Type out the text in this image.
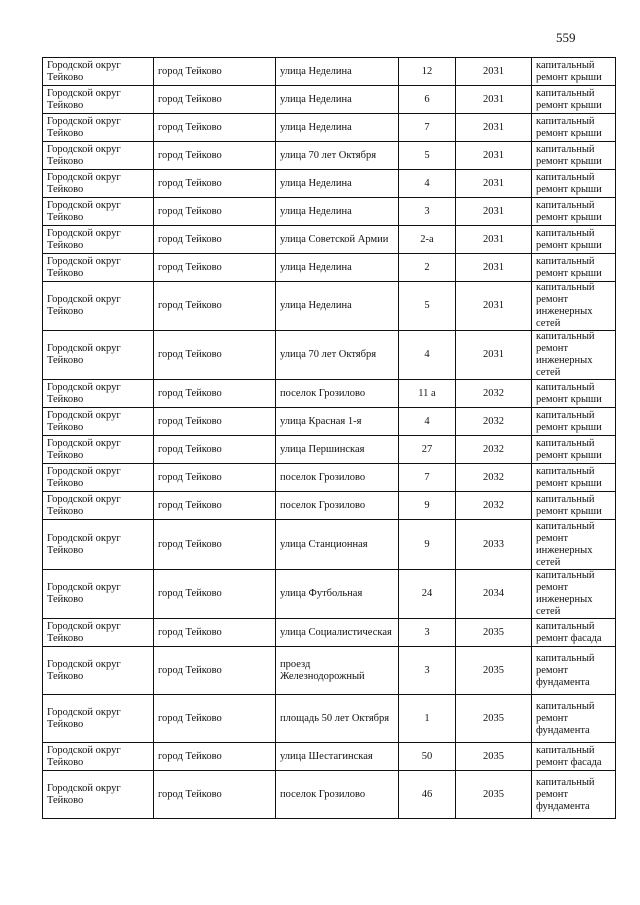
559
Городской округ Тейково	город Тейково	улица Неделина	12	2031	капитальный ремонт крыши
Городской округ Тейково	город Тейково	улица Неделина	6	2031	капитальный ремонт крыши
Городской округ Тейково	город Тейково	улица Неделина	7	2031	капитальный ремонт крыши
Городской округ Тейково	город Тейково	улица 70 лет Октября	5	2031	капитальный ремонт крыши
Городской округ Тейково	город Тейково	улица Неделина	4	2031	капитальный ремонт крыши
Городской округ Тейково	город Тейково	улица Неделина	3	2031	капитальный ремонт крыши
Городской округ Тейково	город Тейково	улица Советской Армии	2-а	2031	капитальный ремонт крыши
Городской округ Тейково	город Тейково	улица Неделина	2	2031	капитальный ремонт крыши
Городской округ Тейково	город Тейково	улица Неделина	5	2031	капитальный ремонт инженерных сетей
Городской округ Тейково	город Тейково	улица 70 лет Октября	4	2031	капитальный ремонт инженерных сетей
Городской округ Тейково	город Тейково	поселок Грозилово	11 а	2032	капитальный ремонт крыши
Городской округ Тейково	город Тейково	улица Красная 1-я	4	2032	капитальный ремонт крыши
Городской округ Тейково	город Тейково	улица Першинская	27	2032	капитальный ремонт крыши
Городской округ Тейково	город Тейково	поселок Грозилово	7	2032	капитальный ремонт крыши
Городской округ Тейково	город Тейково	поселок Грозилово	9	2032	капитальный ремонт крыши
Городской округ Тейково	город Тейково	улица Станционная	9	2033	капитальный ремонт инженерных сетей
Городской округ Тейково	город Тейково	улица Футбольная	24	2034	капитальный ремонт инженерных сетей
Городской округ Тейково	город Тейково	улица Социалистическая	3	2035	капитальный ремонт фасада
Городской округ Тейково	город Тейково	проезд Железнодорожный	3	2035	капитальный ремонт фундамента
Городской округ Тейково	город Тейково	площадь 50 лет Октября	1	2035	капитальный ремонт фундамента
Городской округ Тейково	город Тейково	улица Шестагинская	50	2035	капитальный ремонт фасада
Городской округ Тейково	город Тейково	поселок Грозилово	46	2035	капитальный ремонт фундамента
